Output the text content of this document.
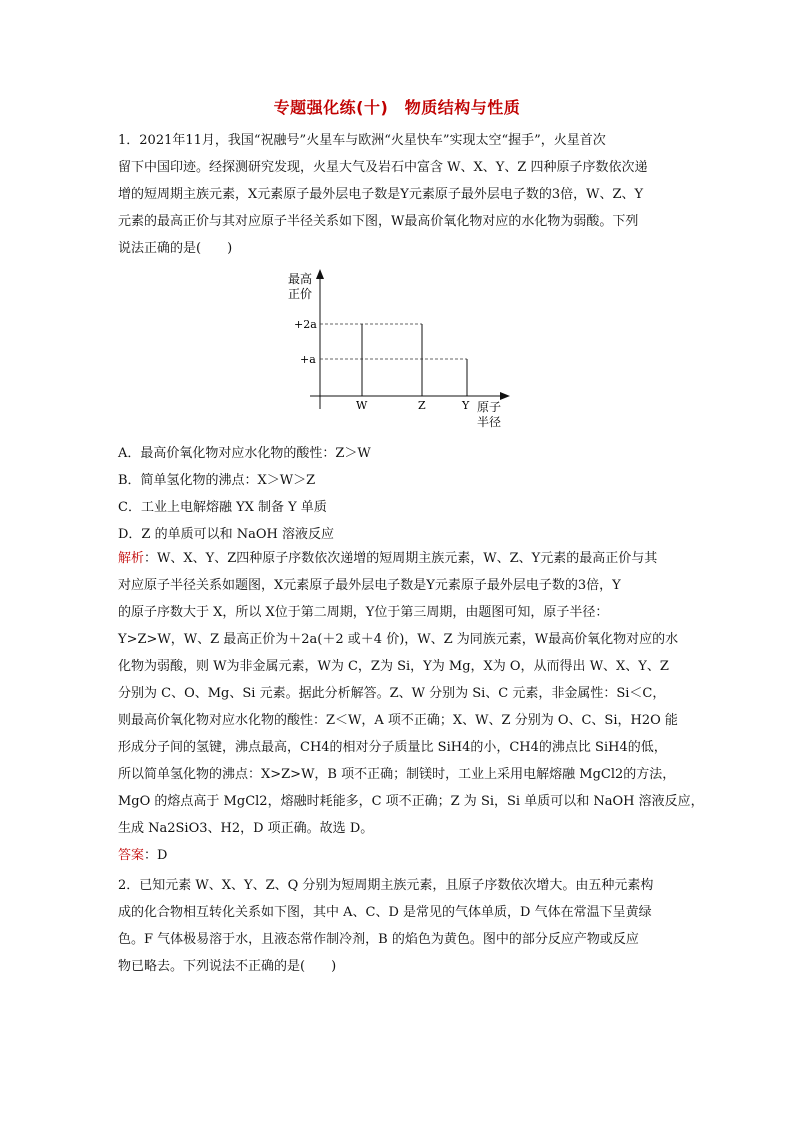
专题强化练(十)　物质结构与性质
1．2021年11月，我国“祝融号”火星车与欧洲“火星快车”实现太空“握手”，火星首次
留下中国印迹。经探测研究发现，火星大气及岩石中富含 W、X、Y、Z 四种原子序数依次递
增的短周期主族元素，X元素原子最外层电子数是Y元素原子最外层电子数的3倍，W、Z、Y
元素的最高正价与其对应原子半径关系如下图，W最高价氧化物对应的水化物为弱酸。下列
说法正确的是(　　)
最高
正价
+2a
+a
W	Z	Y 原子
半径
A．最高价氧化物对应水化物的酸性：Z＞W
B．简单氢化物的沸点：X＞W＞Z
C．工业上电解熔融 YX 制备 Y 单质
D．Z 的单质可以和 NaOH 溶液反应
解析：W、X、Y、Z四种原子序数依次递增的短周期主族元素，W、Z、Y元素的最高正价与其
对应原子半径关系如题图，X元素原子最外层电子数是Y元素原子最外层电子数的3倍，Y
的原子序数大于 X，所以 X位于第二周期，Y位于第三周期，由题图可知，原子半径：
Y>Z>W，W、Z 最高正价为＋2a(＋2 或＋4 价)，W、Z 为同族元素，W最高价氧化物对应的水
化物为弱酸，则 W为非金属元素，W为 C，Z为 Si，Y为 Mg，X为 O，从而得出 W、X、Y、Z
分别为 C、O、Mg、Si 元素。据此分析解答。Z、W 分别为 Si、C 元素，非金属性：Si＜C，
则最高价氧化物对应水化物的酸性：Z＜W，A 项不正确；X、W、Z 分别为 O、C、Si，H2O 能
形成分子间的氢键，沸点最高，CH4的相对分子质量比 SiH4的小，CH4的沸点比 SiH4的低，
所以简单氢化物的沸点：X>Z>W，B 项不正确；制镁时，工业上采用电解熔融 MgCl2的方法，
MgO 的熔点高于 MgCl2，熔融时耗能多，C 项不正确；Z 为 Si，Si 单质可以和 NaOH 溶液反应，
生成 Na2SiO3、H2，D 项正确。故选 D。
答案：D
2．已知元素 W、X、Y、Z、Q 分别为短周期主族元素，且原子序数依次增大。由五种元素构
成的化合物相互转化关系如下图，其中 A、C、D 是常见的气体单质，D 气体在常温下呈黄绿
色。F 气体极易溶于水，且液态常作制冷剂，B 的焰色为黄色。图中的部分反应产物或反应
物已略去。下列说法不正确的是(　　)
